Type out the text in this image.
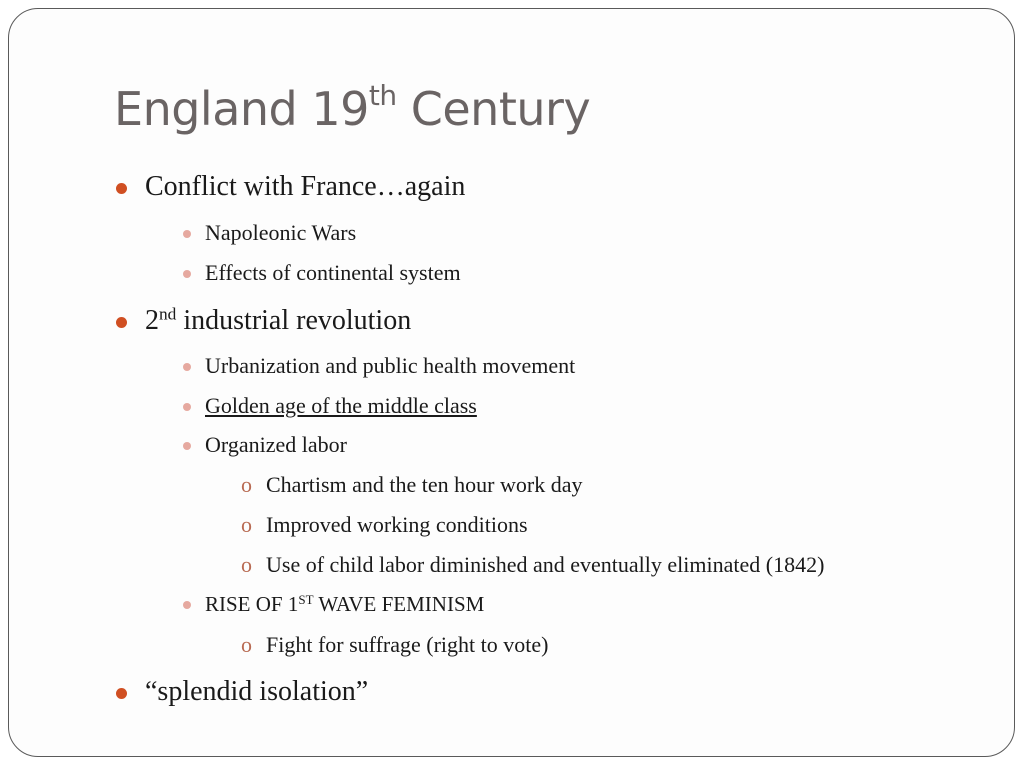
England 19th Century
Conflict with France…again
Napoleonic Wars
Effects of continental system
2nd industrial revolution
Urbanization and public health movement
Golden age of the middle class
Organized labor
o Chartism and the ten hour work day
o Improved working conditions
o Use of child labor diminished and eventually eliminated (1842)
RISE OF 1ST WAVE FEMINISM
o Fight for suffrage (right to vote)
“splendid isolation”
